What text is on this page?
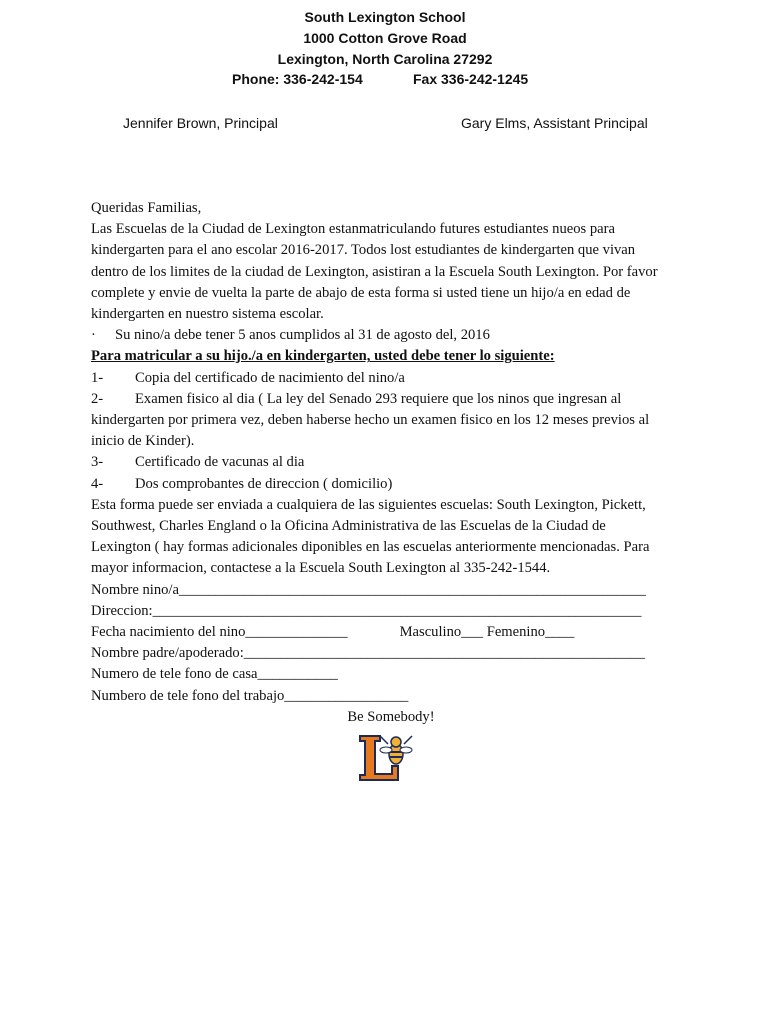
South Lexington School
1000 Cotton Grove Road
Lexington, North Carolina 27292
Phone: 336-242-154	Fax 336-242-1245
Jennifer Brown, Principal	Gary Elms, Assistant Principal

Queridas Familias,

Las Escuelas de la Ciudad de Lexington estanmatriculando futures estudiantes nueos para

kindergarten para el ano escolar 2016-2017. Todos lost estudiantes de kindergarten que vivan

dentro de los limites de la ciudad de Lexington, asistiran a la Escuela South Lexington. Por favor

complete y envie de vuelta la parte de abajo de esta forma si usted tiene un hijo/a en edad de

kindergarten en nuestro sistema escolar.

· Su nino/a debe tener 5 anos cumplidos al 31 de agosto del, 2016

Para matricular a su hijo./a en kindergarten, usted debe tener lo siguiente:

1- Copia del certificado de nacimiento del nino/a

2- Examen fisico al dia ( La ley del Senado 293 requiere que los ninos que ingresan al

kindergarten por primera vez, deben haberse hecho un examen fisico en los 12 meses previos al

inicio de Kinder).

3- Certificado de vacunas al dia

4- Dos comprobantes de direccion ( domicilio)

Esta forma puede ser enviada a cualquiera de las siguientes escuelas: South Lexington, Pickett,

Southwest, Charles England o la Oficina Administrativa de las Escuelas de la Ciudad de

Lexington ( hay formas adicionales diponibles en las escuelas anteriormente mencionadas. Para

mayor informacion, contactese a la Escuela South Lexington al 335-242-1544.

Nombre nino/a________________________________________________________________

Direccion:___________________________________________________________________

Fecha nacimiento del nino______________	Masculino___ Femenino____

Nombre padre/apoderado:_______________________________________________________

Numero de tele fono de casa___________

Numbero de tele fono del trabajo_________________

Be Somebody!
